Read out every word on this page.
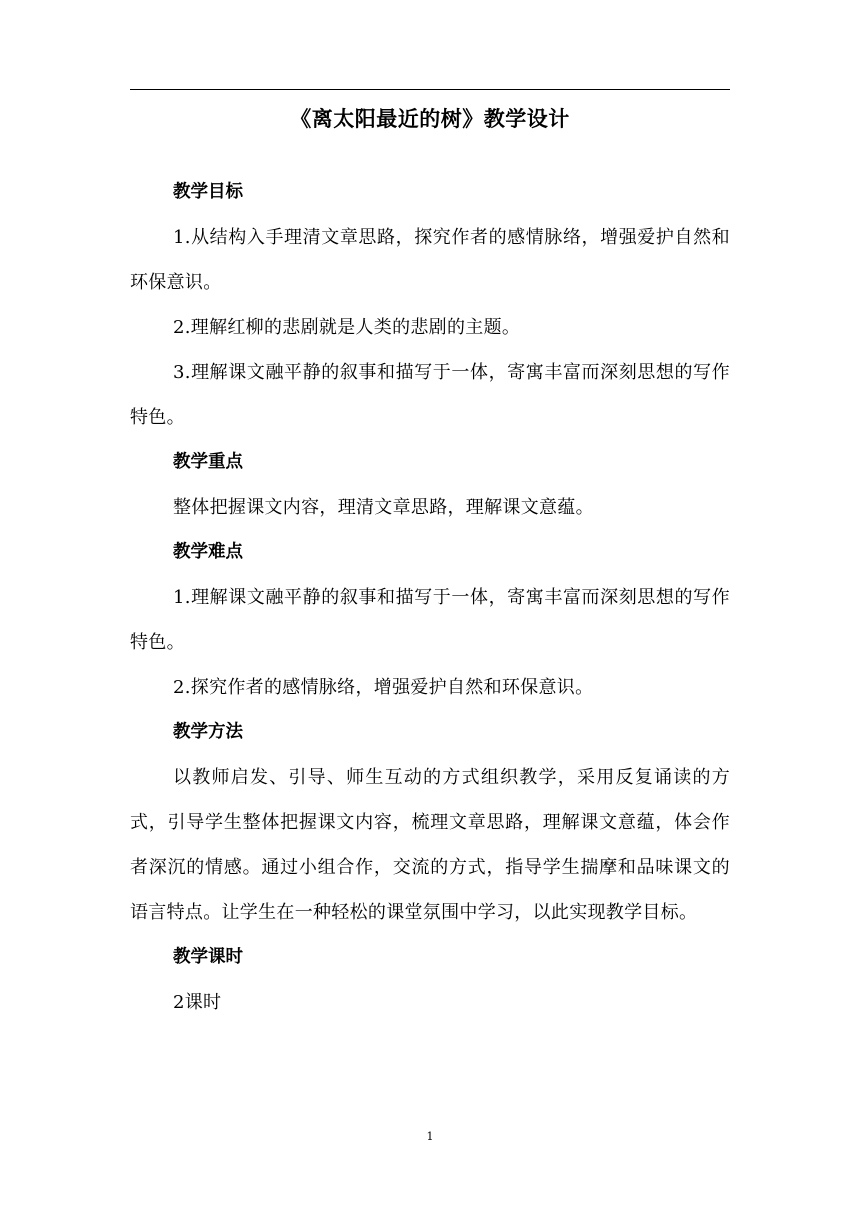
《离太阳最近的树》教学设计

教学目标

1.从结构入手理清文章思路，探究作者的感情脉络，增强爱护自然和环保意识。

2.理解红柳的悲剧就是人类的悲剧的主题。

3.理解课文融平静的叙事和描写于一体，寄寓丰富而深刻思想的写作特色。

教学重点

整体把握课文内容，理清文章思路，理解课文意蕴。

教学难点

1.理解课文融平静的叙事和描写于一体，寄寓丰富而深刻思想的写作特色。

2.探究作者的感情脉络，增强爱护自然和环保意识。

教学方法

以教师启发、引导、师生互动的方式组织教学，采用反复诵读的方式，引导学生整体把握课文内容，梳理文章思路，理解课文意蕴，体会作者深沉的情感。通过小组合作，交流的方式，指导学生揣摩和品味课文的语言特点。让学生在一种轻松的课堂氛围中学习，以此实现教学目标。

教学课时

2课时

1
